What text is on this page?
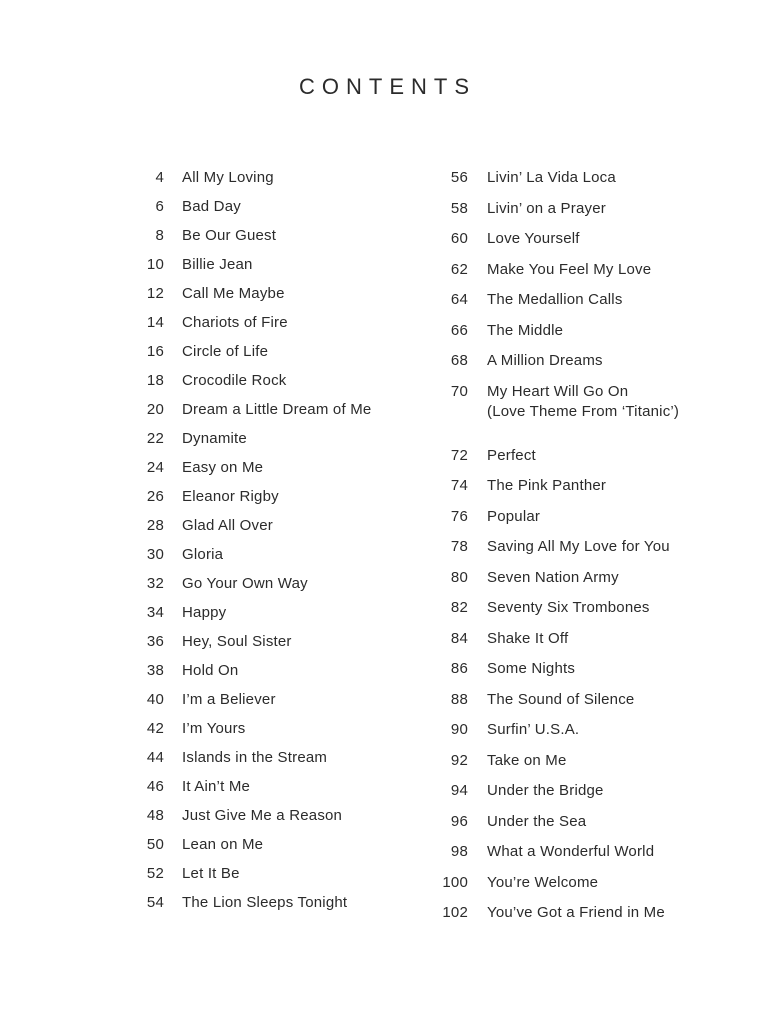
CONTENTS
4	All My Loving
6	Bad Day
8	Be Our Guest
10	Billie Jean
12	Call Me Maybe
14	Chariots of Fire
16	Circle of Life
18	Crocodile Rock
20	Dream a Little Dream of Me
22	Dynamite
24	Easy on Me
26	Eleanor Rigby
28	Glad All Over
30	Gloria
32	Go Your Own Way
34	Happy
36	Hey, Soul Sister
38	Hold On
40	I’m a Believer
42	I’m Yours
44	Islands in the Stream
46	It Ain’t Me
48	Just Give Me a Reason
50	Lean on Me
52	Let It Be
54	The Lion Sleeps Tonight
56	Livin’ La Vida Loca
58	Livin’ on a Prayer
60	Love Yourself
62	Make You Feel My Love
64	The Medallion Calls
66	The Middle
68	A Million Dreams
70	My Heart Will Go On
(Love Theme From ‘Titanic’)
72	Perfect
74	The Pink Panther
76	Popular
78	Saving All My Love for You
80	Seven Nation Army
82	Seventy Six Trombones
84	Shake It Off
86	Some Nights
88	The Sound of Silence
90	Surfin’ U.S.A.
92	Take on Me
94	Under the Bridge
96	Under the Sea
98	What a Wonderful World
100	You’re Welcome
102	You’ve Got a Friend in Me
